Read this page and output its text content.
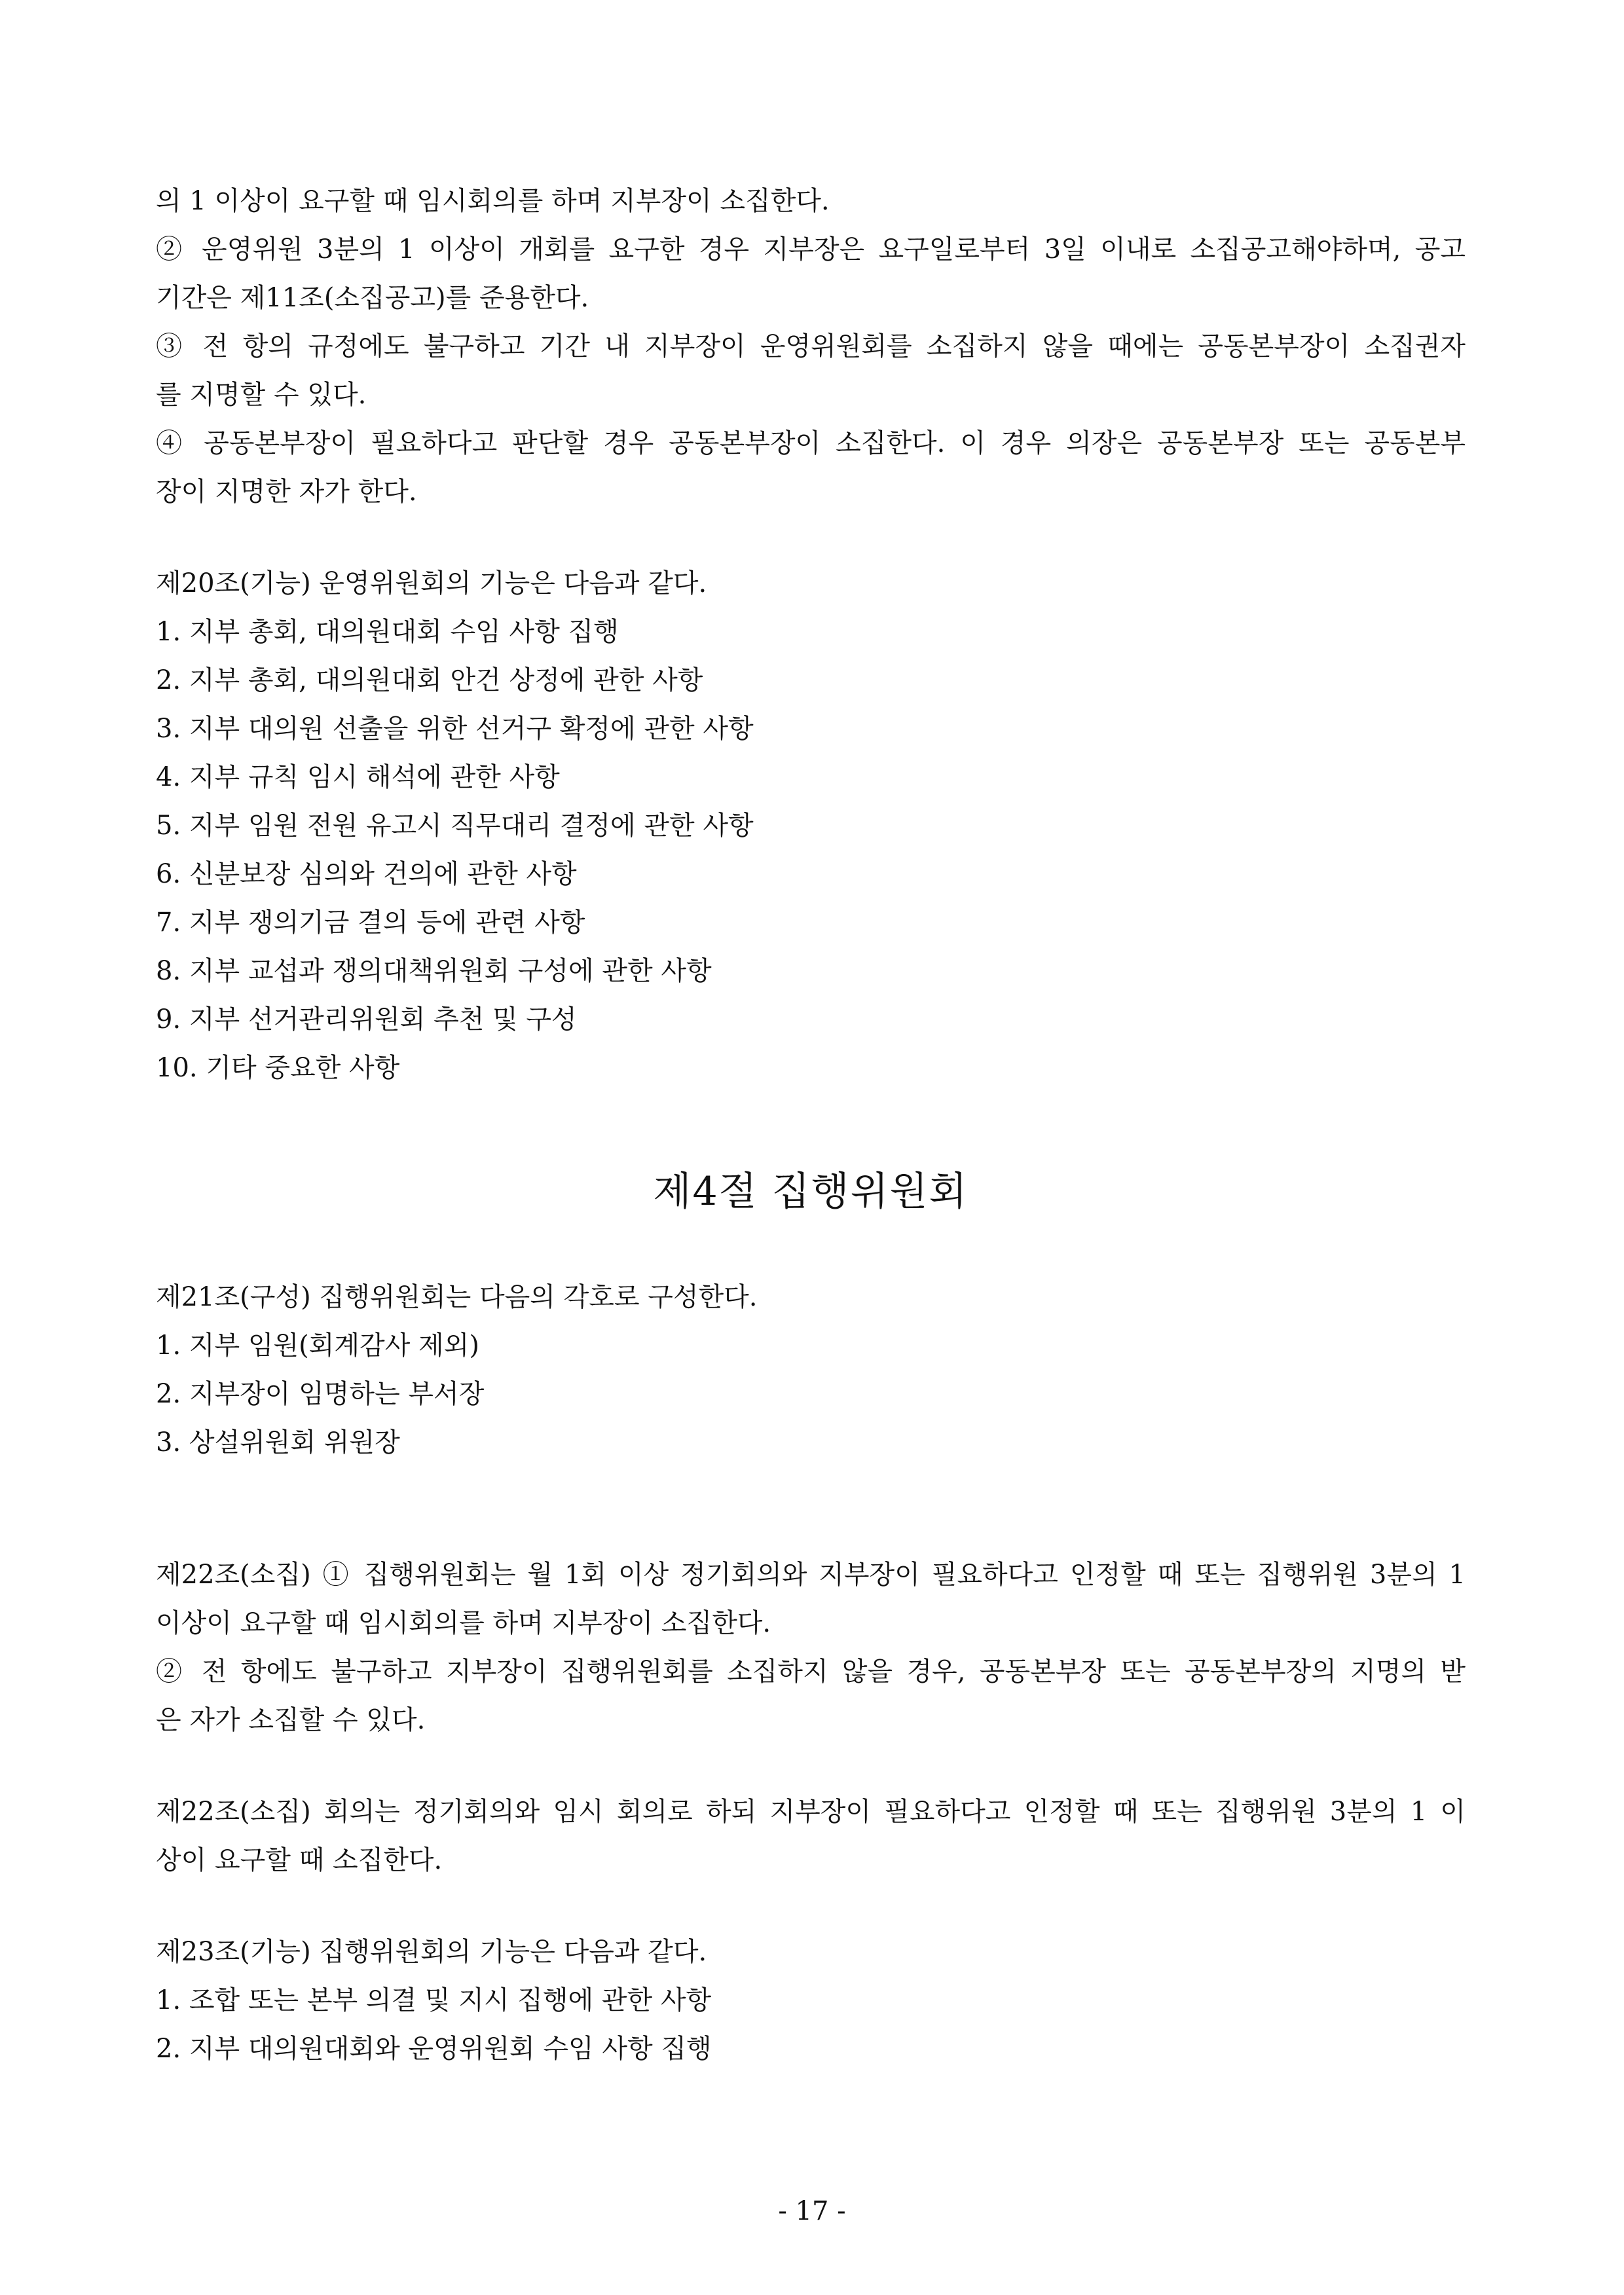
의 1 이상이 요구할 때 임시회의를 하며 지부장이 소집한다.
② 운영위원 3분의 1 이상이 개회를 요구한 경우 지부장은 요구일로부터 3일 이내로 소집공고해야하며, 공고
기간은 제11조(소집공고)를 준용한다.
③ 전 항의 규정에도 불구하고 기간 내 지부장이 운영위원회를 소집하지 않을 때에는 공동본부장이 소집권자
를 지명할 수 있다.
④ 공동본부장이 필요하다고 판단할 경우 공동본부장이 소집한다. 이 경우 의장은 공동본부장 또는 공동본부
장이 지명한 자가 한다.
제20조(기능) 운영위원회의 기능은 다음과 같다.
1. 지부 총회, 대의원대회 수임 사항 집행
2. 지부 총회, 대의원대회 안건 상정에 관한 사항
3. 지부 대의원 선출을 위한 선거구 확정에 관한 사항
4. 지부 규칙 임시 해석에 관한 사항
5. 지부 임원 전원 유고시 직무대리 결정에 관한 사항
6. 신분보장 심의와 건의에 관한 사항
7. 지부 쟁의기금 결의 등에 관련 사항
8. 지부 교섭과 쟁의대책위원회 구성에 관한 사항
9. 지부 선거관리위원회 추천 및 구성
10. 기타 중요한 사항
제4절 집행위원회
제21조(구성) 집행위원회는 다음의 각호로 구성한다.
1. 지부 임원(회계감사 제외)
2. 지부장이 임명하는 부서장
3. 상설위원회 위원장
제22조(소집) ① 집행위원회는 월 1회 이상 정기회의와 지부장이 필요하다고 인정할 때 또는 집행위원 3분의 1
이상이 요구할 때 임시회의를 하며 지부장이 소집한다.
② 전 항에도 불구하고 지부장이 집행위원회를 소집하지 않을 경우, 공동본부장 또는 공동본부장의 지명의 받
은 자가 소집할 수 있다.
제22조(소집) 회의는 정기회의와 임시 회의로 하되 지부장이 필요하다고 인정할 때 또는 집행위원 3분의 1 이
상이 요구할 때 소집한다.
제23조(기능) 집행위원회의 기능은 다음과 같다.
1. 조합 또는 본부 의결 및 지시 집행에 관한 사항
2. 지부 대의원대회와 운영위원회 수임 사항 집행
- 17 -
